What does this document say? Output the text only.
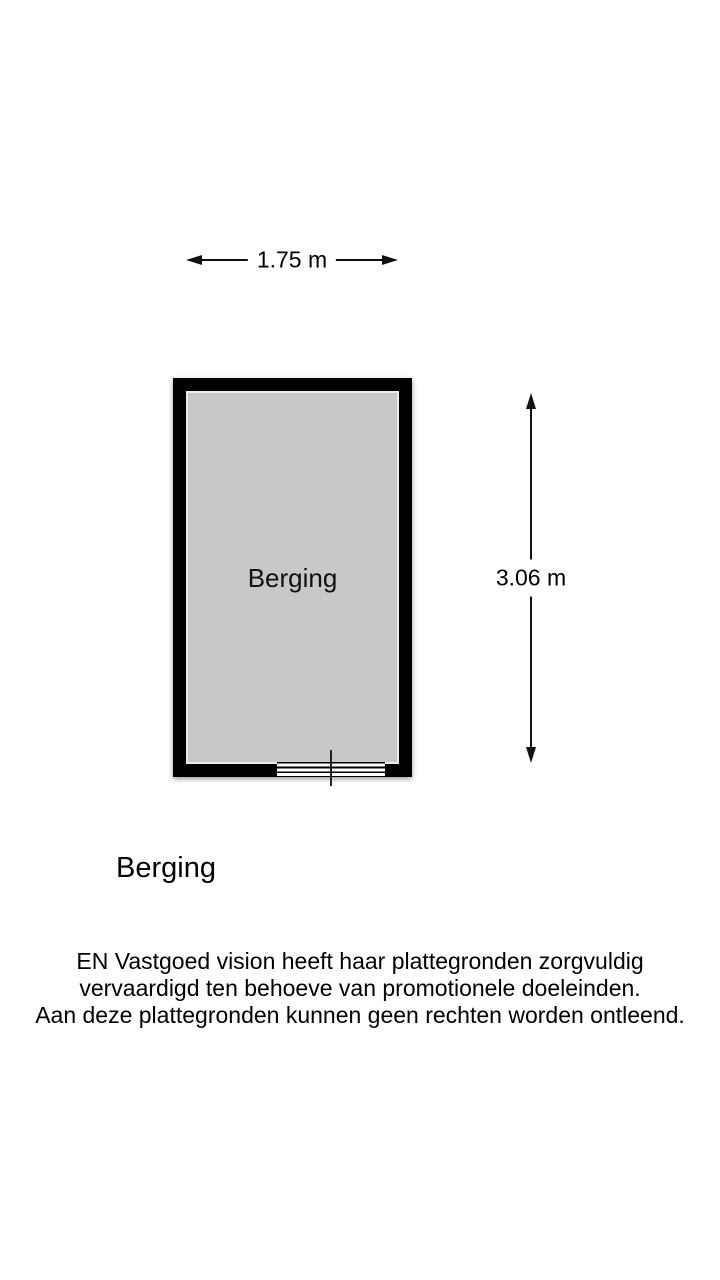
1.75 m
Berging	3.06 m
Berging
EN Vastgoed vision heeft haar plattegronden zorgvuldig
vervaardigd ten behoeve van promotionele doeleinden.
Aan deze plattegronden kunnen geen rechten worden ontleend.
